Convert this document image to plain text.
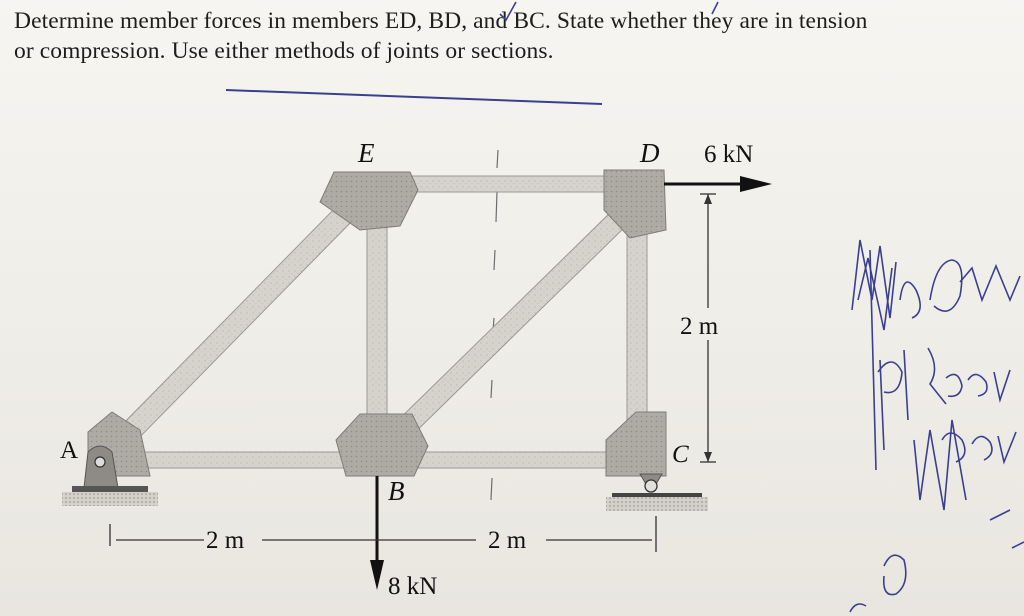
Determine member forces in members ED, BD, and BC. State whether they are in tension
or compression. Use either methods of joints or sections.
E	D
A
B
C
6 kN
8 kN
2 m
2 m	2 m
